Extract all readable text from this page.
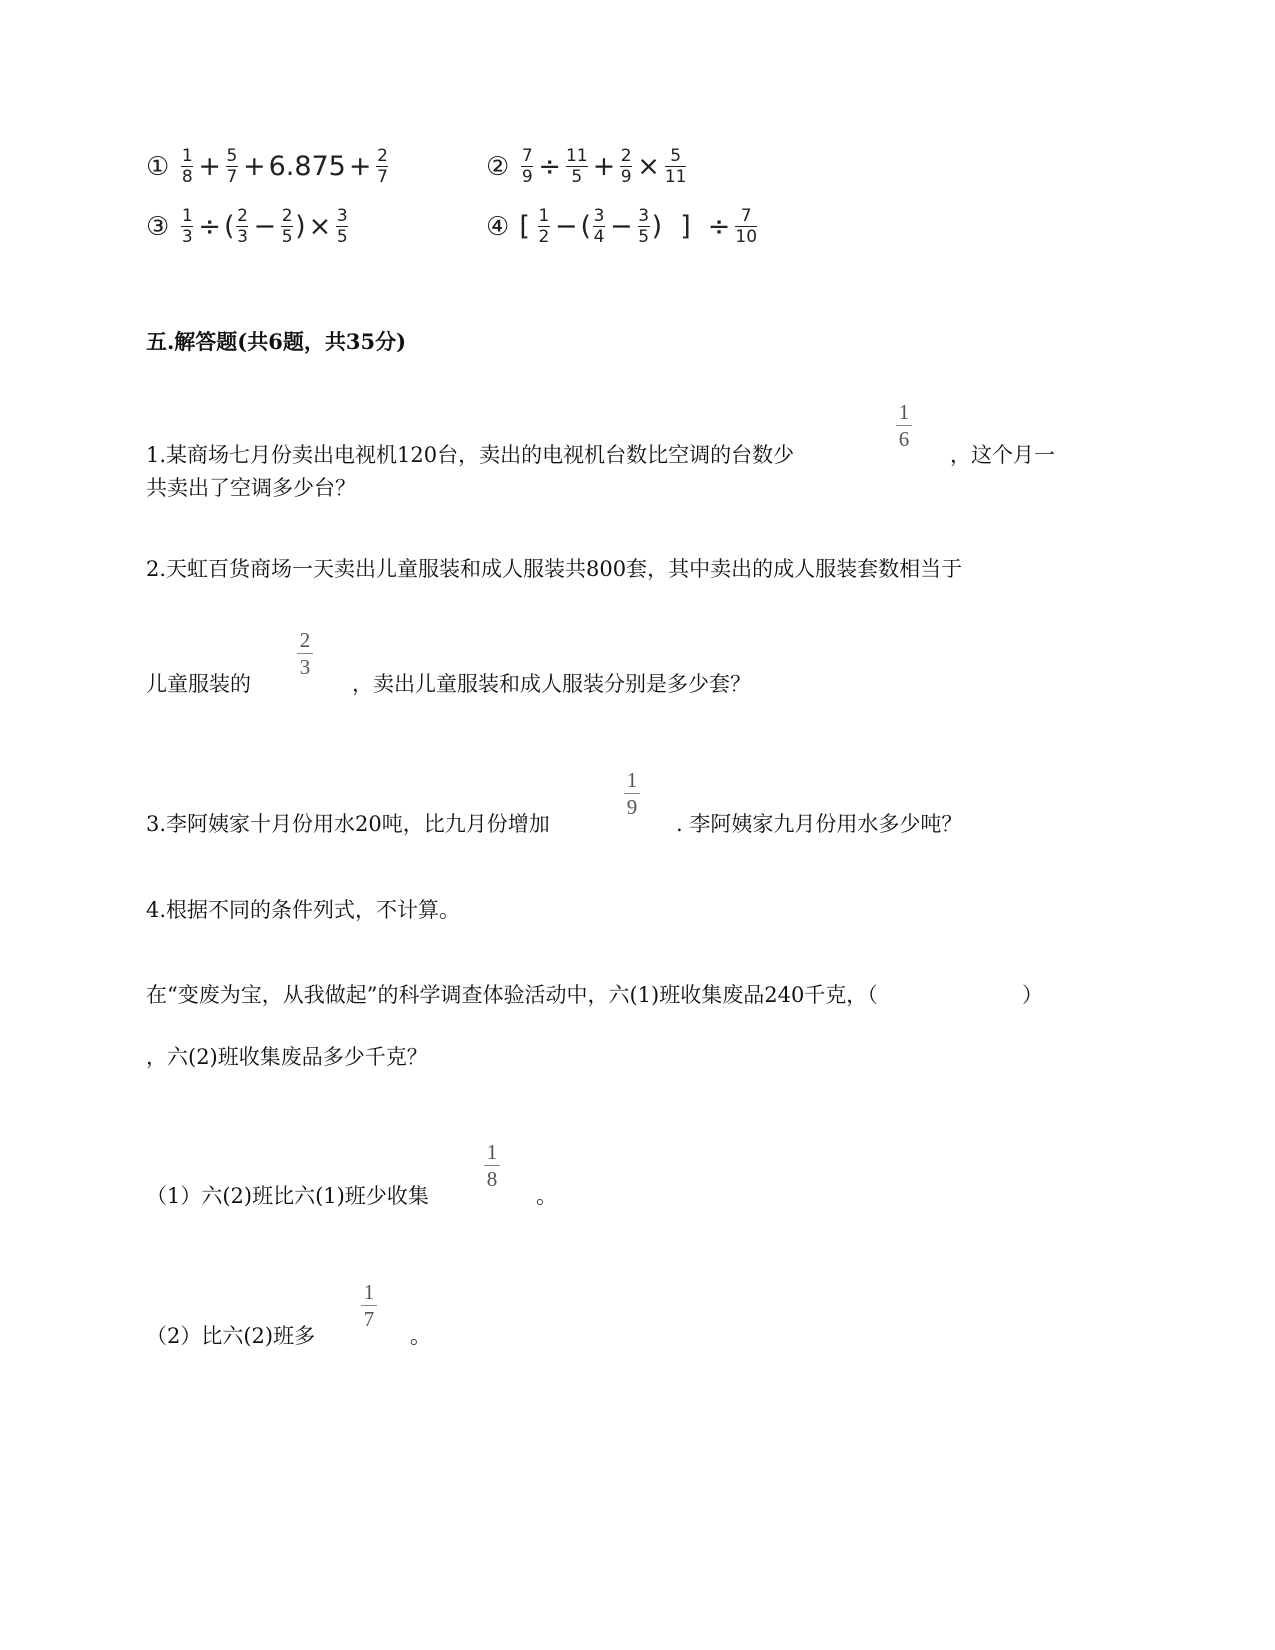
① 1
8 + 5
7 + 6.875 + 2
7	② 7
9 ÷ 11
5 + 2
9 × 5
11
③ 1
3 ÷ ( 2
3 − 2
5 ) × 3
5	④ [ 1
2 − ( 3
4 − 3
5 ) ] ÷ 7
10
五.解答题(共6题，共35分)
1.某商场七月份卖出电视机120台，卖出的电视机台数比空调的台数少
1
6
，这个月一
共卖出了空调多少台？
2.天虹百货商场一天卖出儿童服装和成人服装共800套，其中卖出的成人服装套数相当于
儿童服装的
2
3
，卖出儿童服装和成人服装分别是多少套？
3.李阿姨家十月份用水20吨，比九月份增加
1
9
. 李阿姨家九月份用水多少吨？
4.根据不同的条件列式，不计算。
在“变废为宝，从我做起”的科学调查体验活动中，六(1)班收集废品240千克，（	）
，六(2)班收集废品多少千克？
（1）六(2)班比六(1)班少收集
1
8
。
（2）比六(2)班多
1
7
。
